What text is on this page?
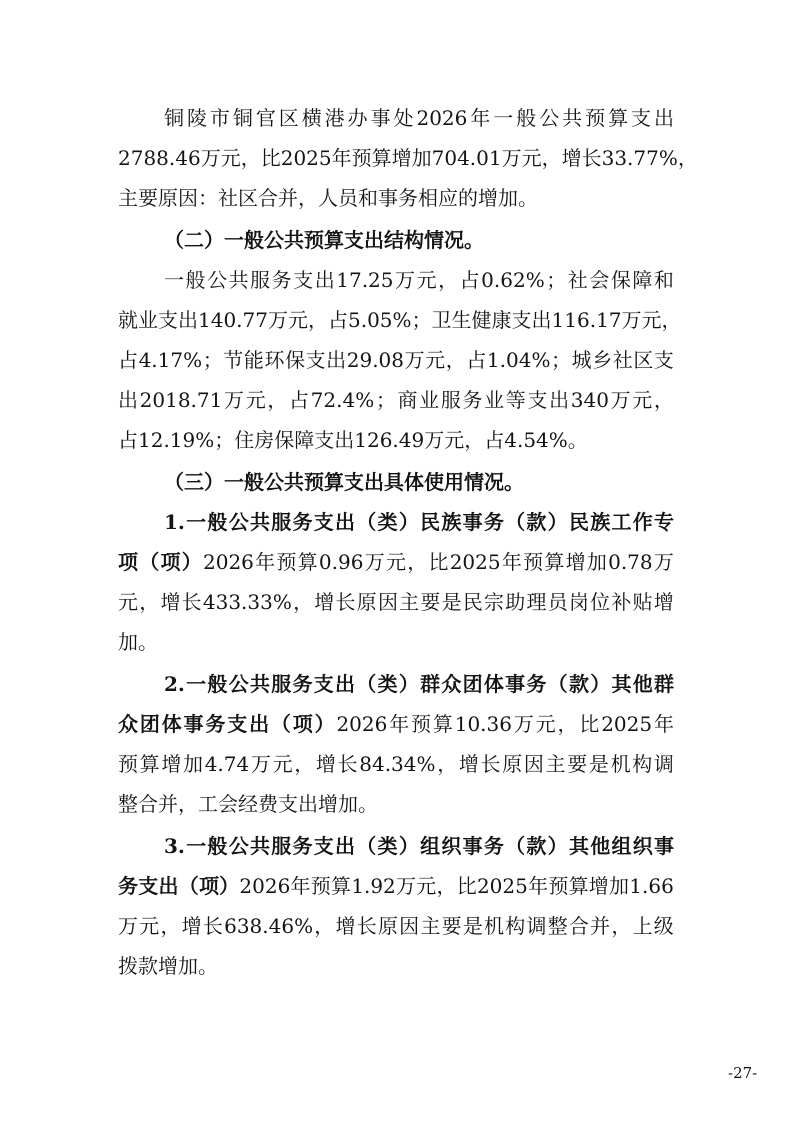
铜 陵 市 铜 官 区 横 港 办 事 处 2026 年 一 般 公 共 预 算 支 出
2788.46 万 元 ， 比 2025 年 预 算 增 加 704.01 万 元 ， 增 长 33.77% ，
主要原因：社区合并，人员和事务相应的增加。
（二）一般公共预算支出结构情况。
一 般 公 共 服 务 支 出 17.25 万 元 ， 占 0.62% ； 社 会 保 障 和
就 业 支 出 140.77 万 元 ， 占 5.05% ； 卫 生 健 康 支 出 116.17 万 元 ，
占 4.17% ； 节 能 环 保 支 出 29.08 万 元 ， 占 1.04% ； 城 乡 社 区 支
出 2018.71 万 元 ， 占 72.4% ； 商 业 服 务 业 等 支 出 340 万 元 ，
占12.19%；住房保障支出126.49万元，占4.54%。
（三）一般公共预算支出具体使用情况。
1. 一 般 公 共 服 务 支 出 （ 类 ） 民 族 事 务 （ 款 ） 民 族 工 作 专
项 （ 项 ） 2026 年 预 算 0.96 万 元 ， 比 2025 年 预 算 增 加 0.78 万
元 ， 增 长 433.33% ， 增 长 原 因 主 要 是 民 宗 助 理 员 岗 位 补 贴 增
加。
2. 一 般 公 共 服 务 支 出 （ 类 ） 群 众 团 体 事 务 （ 款 ） 其 他 群
众 团 体 事 务 支 出 （ 项 ） 2026 年 预 算 10.36 万 元 ， 比 2025 年
预 算 增 加 4.74 万 元 ， 增 长 84.34% ， 增 长 原 因 主 要 是 机 构 调
整合并，工会经费支出增加。
3. 一 般 公 共 服 务 支 出 （ 类 ） 组 织 事 务 （ 款 ） 其 他 组 织 事
务 支 出 （ 项 ） 2026 年 预 算 1.92 万 元 ， 比 2025 年 预 算 增 加 1.66
万 元 ， 增 长 638.46% ， 增 长 原 因 主 要 是 机 构 调 整 合 并 ， 上 级
拨款增加。
-27-
